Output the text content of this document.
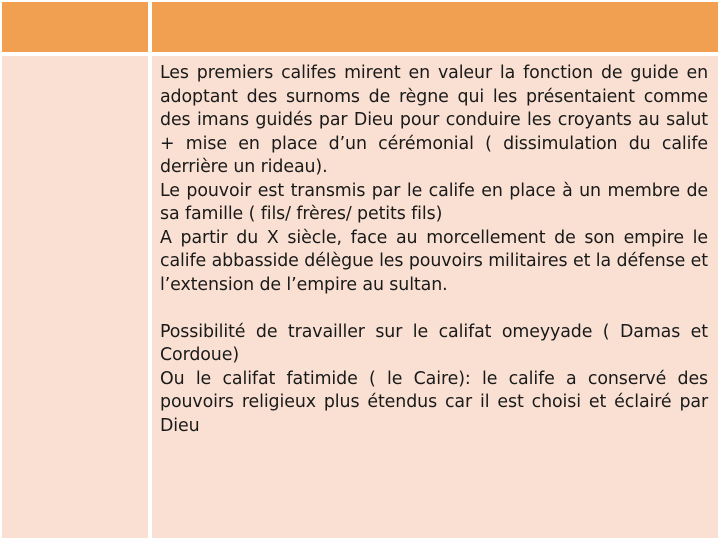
Les premiers califes mirent en valeur la fonction de guide en adoptant des surnoms de règne qui les présentaient comme des imans guidés par Dieu pour conduire les croyants au salut + mise en place d’un cérémonial ( dissimulation du calife derrière un rideau).

Le pouvoir est transmis par le calife en place à un membre de sa famille ( fils/ frères/ petits fils)

A partir du X siècle, face au morcellement de son empire le calife abbasside délègue les pouvoirs militaires et la défense et l’extension de l’empire au sultan.

Possibilité de travailler sur le califat omeyyade ( Damas et Cordoue)

Ou le califat fatimide ( le Caire): le calife a conservé des pouvoirs religieux plus étendus car il est choisi et éclairé par Dieu
